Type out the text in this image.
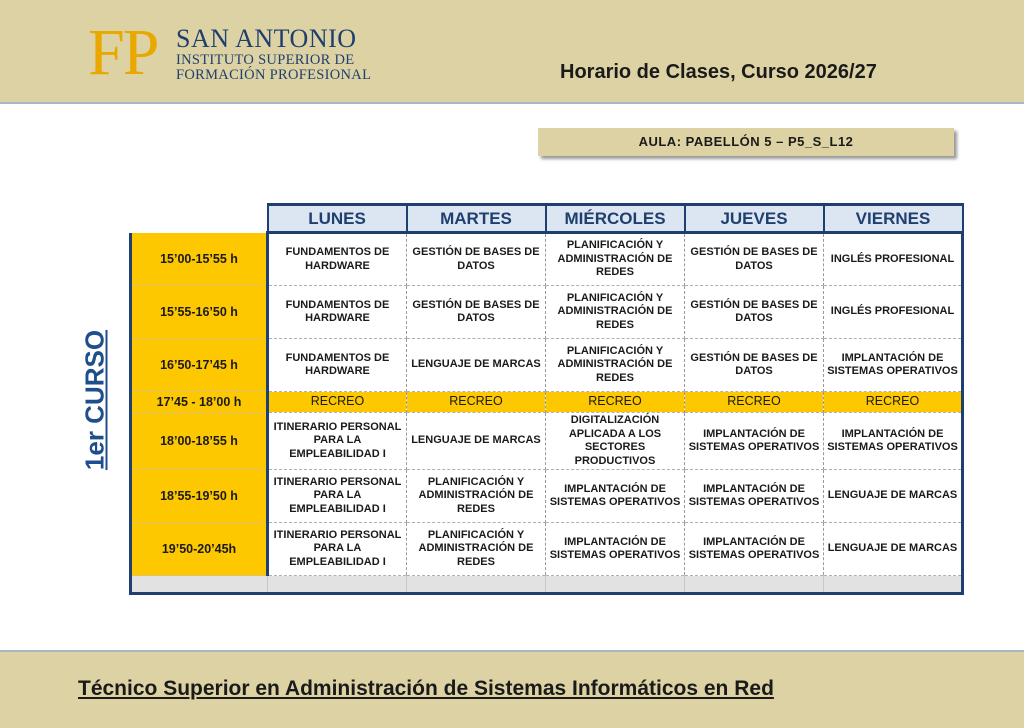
FP SAN ANTONIO
INSTITUTO SUPERIOR DE
FORMACIÓN PROFESIONAL	Horario de Clases, Curso 2026/27
AULA: PABELLÓN 5 – P5_S_L12
1er CURSO
	LUNES	MARTES	MIÉRCOLES	JUEVES	VIERNES
15’00-15’55 h	FUNDAMENTOS DE HARDWARE	GESTIÓN DE BASES DE DATOS	PLANIFICACIÓN Y ADMINISTRACIÓN DE REDES	GESTIÓN DE BASES DE DATOS	INGLÉS PROFESIONAL
15’55-16’50 h	FUNDAMENTOS DE HARDWARE	GESTIÓN DE BASES DE DATOS	PLANIFICACIÓN Y ADMINISTRACIÓN DE REDES	GESTIÓN DE BASES DE DATOS	INGLÉS PROFESIONAL
16’50-17’45 h	FUNDAMENTOS DE HARDWARE	LENGUAJE DE MARCAS	PLANIFICACIÓN Y ADMINISTRACIÓN DE REDES	GESTIÓN DE BASES DE DATOS	IMPLANTACIÓN DE SISTEMAS OPERATIVOS
17’45 - 18’00 h	RECREO	RECREO	RECREO	RECREO	RECREO
18’00-18’55 h	ITINERARIO PERSONAL PARA LA EMPLEABILIDAD I	LENGUAJE DE MARCAS	DIGITALIZACIÓN APLICADA A LOS SECTORES PRODUCTIVOS	IMPLANTACIÓN DE SISTEMAS OPERATIVOS	IMPLANTACIÓN DE SISTEMAS OPERATIVOS
18’55-19’50 h	ITINERARIO PERSONAL PARA LA EMPLEABILIDAD I	PLANIFICACIÓN Y ADMINISTRACIÓN DE REDES	IMPLANTACIÓN DE SISTEMAS OPERATIVOS	IMPLANTACIÓN DE SISTEMAS OPERATIVOS	LENGUAJE DE MARCAS
19’50-20’45h	ITINERARIO PERSONAL PARA LA EMPLEABILIDAD I	PLANIFICACIÓN Y ADMINISTRACIÓN DE REDES	IMPLANTACIÓN DE SISTEMAS OPERATIVOS	IMPLANTACIÓN DE SISTEMAS OPERATIVOS	LENGUAJE DE MARCAS

Técnico Superior en Administración de Sistemas Informáticos en Red
